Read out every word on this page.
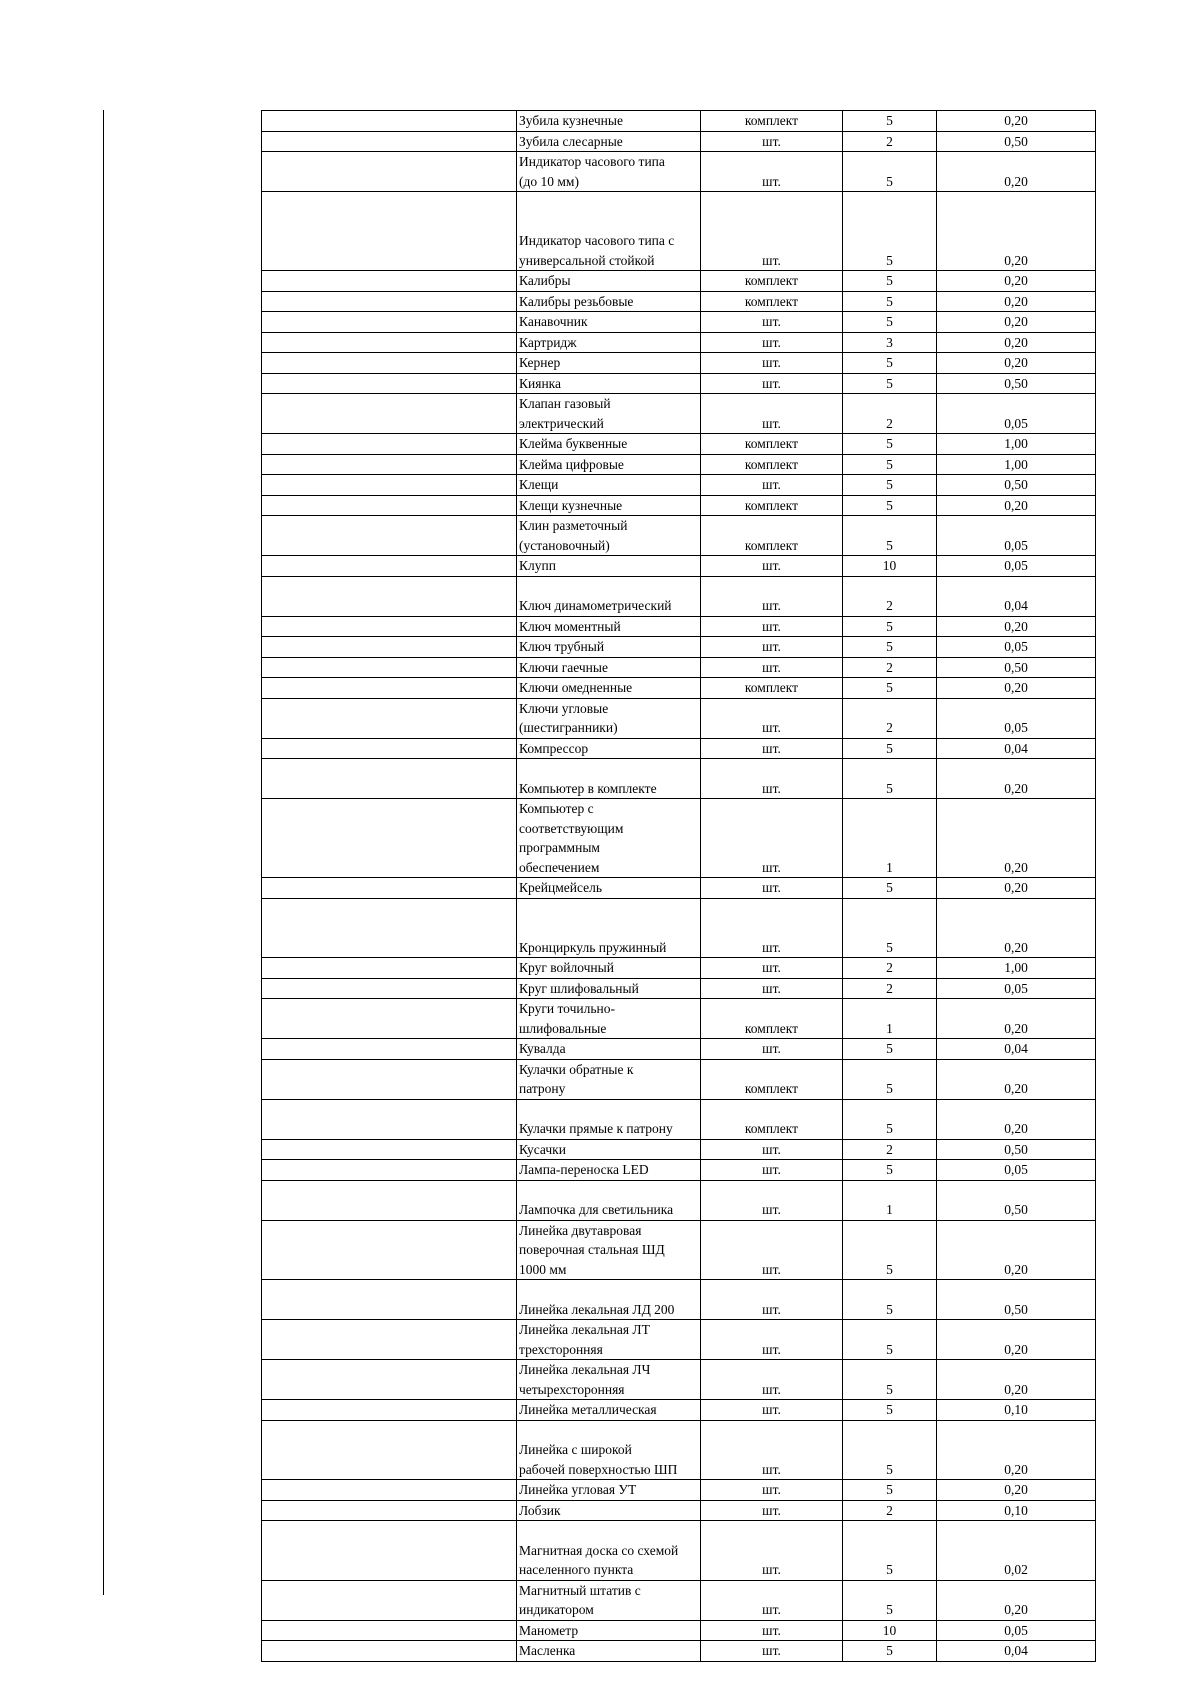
	Зубила кузнечные	комплект	5	0,20
	Зубила слесарные	шт.	2	0,50
	Индикатор часового типа
(до 10 мм)	шт.	5	0,20

Индикатор часового типа с
универсальной стойкой	шт.	5	0,20
	Калибры	комплект	5	0,20
	Калибры резьбовые	комплект	5	0,20
	Канавочник	шт.	5	0,20
	Картридж	шт.	3	0,20
	Кернер	шт.	5	0,20
	Киянка	шт.	5	0,50
	Клапан газовый
электрический	шт.	2	0,05
	Клейма буквенные	комплект	5	1,00
	Клейма цифровые	комплект	5	1,00
	Клещи	шт.	5	0,50
	Клещи кузнечные	комплект	5	0,20
	Клин разметочный
(установочный)	комплект	5	0,05
	Клупп	шт.	10	0,05

Ключ динамометрический	шт.	2	0,04
	Ключ моментный	шт.	5	0,20
	Ключ трубный	шт.	5	0,05
	Ключи гаечные	шт.	2	0,50
	Ключи омедненные	комплект	5	0,20
	Ключи угловые
(шестигранники)	шт.	2	0,05
	Компрессор	шт.	5	0,04

Компьютер в комплекте	шт.	5	0,20
	Компьютер с
соответствующим
программным
обеспечением	шт.	1	0,20
	Крейцмейсель	шт.	5	0,20

Кронциркуль пружинный	шт.	5	0,20
	Круг войлочный	шт.	2	1,00
	Круг шлифовальный	шт.	2	0,05
	Круги точильно-
шлифовальные	комплект	1	0,20
	Кувалда	шт.	5	0,04
	Кулачки обратные к
патрону	комплект	5	0,20

Кулачки прямые к патрону	комплект	5	0,20
	Кусачки	шт.	2	0,50
	Лампа-переноска LED	шт.	5	0,05

Лампочка для светильника	шт.	1	0,50
	Линейка двутавровая
поверочная стальная ШД
1000 мм	шт.	5	0,20

Линейка лекальная ЛД 200	шт.	5	0,50
	Линейка лекальная ЛТ
трехсторонняя	шт.	5	0,20
	Линейка лекальная ЛЧ
четырехсторонняя	шт.	5	0,20
	Линейка металлическая	шт.	5	0,10

Линейка с широкой
рабочей поверхностью ШП	шт.	5	0,20
	Линейка угловая УТ	шт.	5	0,20
	Лобзик	шт.	2	0,10

Магнитная доска со схемой
населенного пункта	шт.	5	0,02
	Магнитный штатив с
индикатором	шт.	5	0,20
	Манометр	шт.	10	0,05
	Масленка	шт.	5	0,04
